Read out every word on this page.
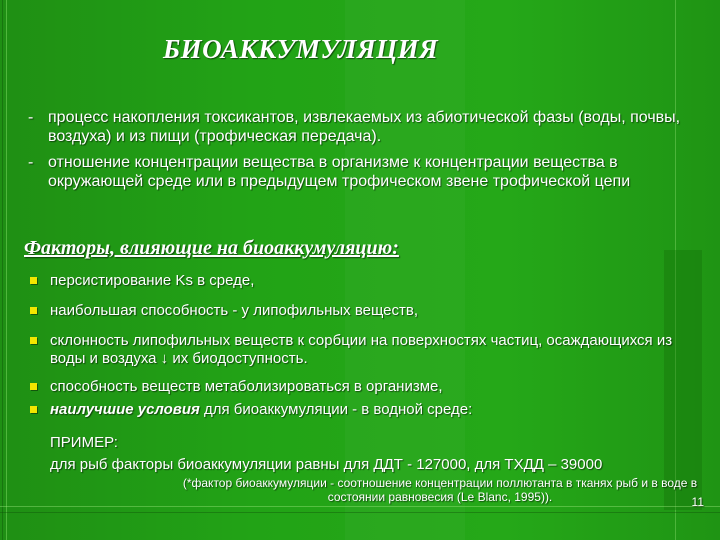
БИОАККУМУЛЯЦИЯ
- процесс накопления токсикантов, извлекаемых из абиотической фазы (воды, почвы, воздуха) и из пищи (трофическая передача).
- отношение концентрации вещества в организме к концентрации вещества в окружающей среде или в предыдущем трофическом звене трофической цепи
Факторы, влияющие на биоаккумуляцию:
персистирование Ks в среде,
наибольшая способность - у липофильных веществ,
склонность липофильных веществ к сорбции на поверхностях частиц, осаждающихся из воды и воздуха ↓ их биодоступность.
способность веществ метаболизироваться в организме,
наилучшие условия для биоаккумуляции - в водной среде:
ПРИМЕР:
для рыб факторы биоаккумуляции равны для ДДТ - 127000, для ТХДД – 39000
(*фактор биоаккумуляции - соотношение концентрации поллютанта в тканях рыб и в воде в состоянии равновесия (Le Blanc, 1995)).	11
